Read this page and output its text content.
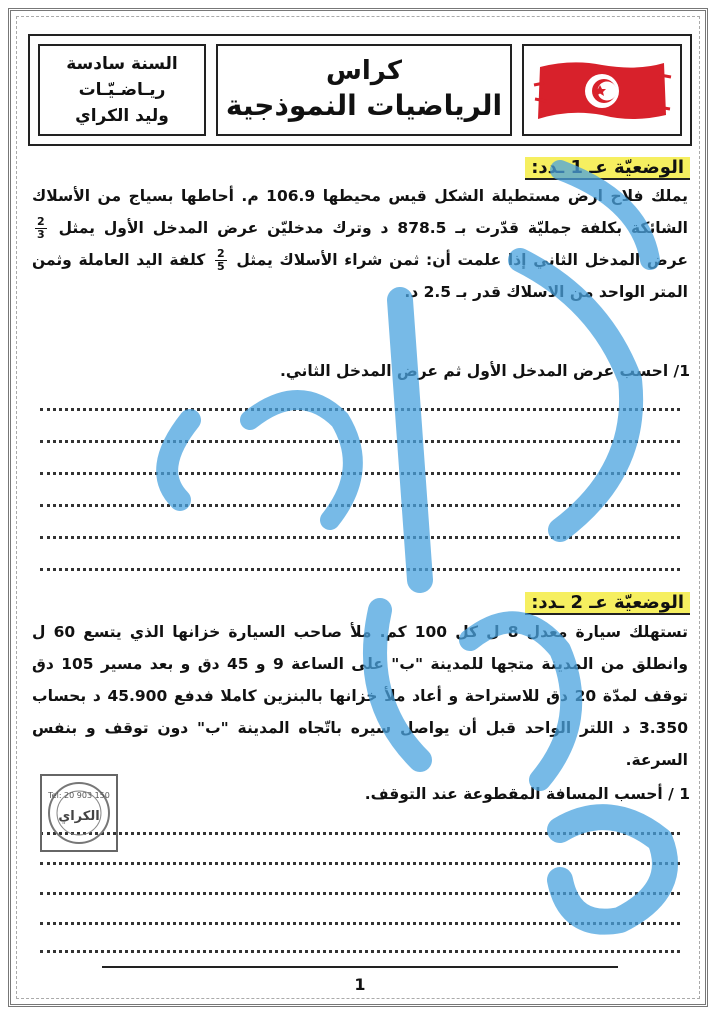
كراس
الرياضيات النموذجية
السنة سادسة
ريـاضـيّـات
وليد الكراي
الوضعيّة عـ 1 ـدد:
يملك فلاح ارض مستطيلة الشكل قيس محيطها 106.9 م. أحاطها بسياج من الأسلاك الشائكة بكلفة جمليّة قدّرت بـ 878.5 د وترك مدخليّن عرض المدخل الأول يمثل
$\frac{2}{3}$
عرض المدخل الثاني إذا علمت أن: ثمن شراء الأسلاك يمثل
$\frac{2}{5}$
كلفة اليد العاملة وثمن المتر الواحد من الاسلاك قدر بـ 2.5 د.
1/ احسب عرض المدخل الأول ثم عرض المدخل الثاني.
الوضعيّة عـ 2 ـدد:
تستهلك سيارة معدل 8 ل كل 100 كم. ملأ صاحب السيارة خزانها الذي يتسع 60 ل وانطلق من المدينة متجها للمدينة "ب" على الساعة 9 و 45 دق و بعد مسير 105 دق توقف لمدّة 20 دق للاستراحة و أعاد ملأ خزانها بالبنزين كاملا فدفع 45.900 د بحساب 3.350 د اللتر الواحد قبل أن يواصل سيره باتّجاه المدينة "ب" دون توقف و بنفس السرعة.
1 / أحسب المسافة المقطوعة عند التوقف.
Tel: 20 903 150
الكراي
1
